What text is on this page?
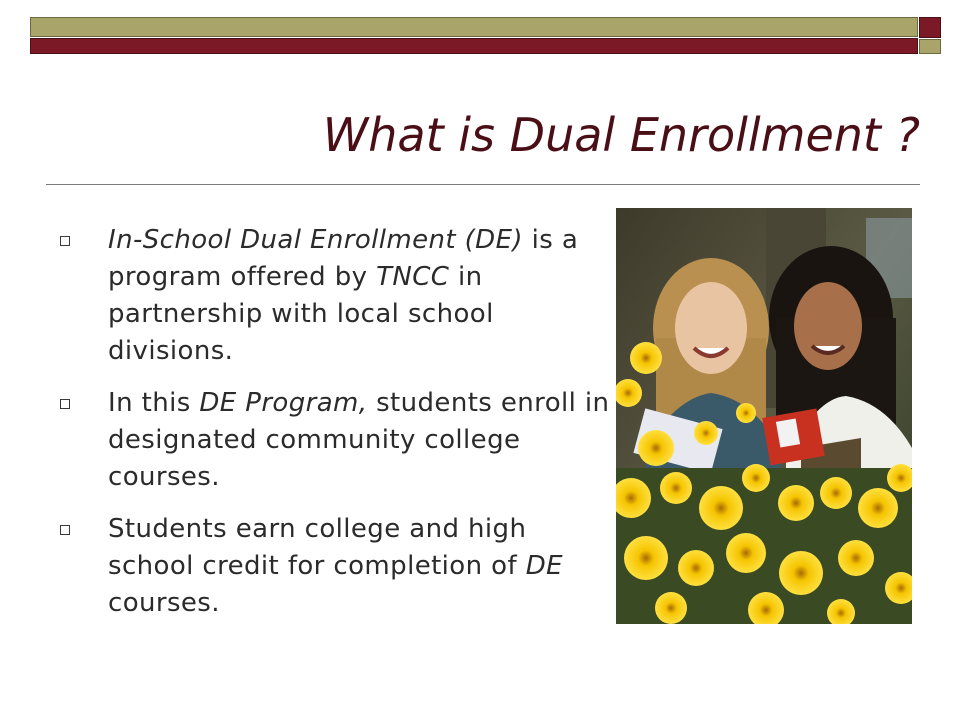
What is Dual Enrollment ?
In-School Dual Enrollment (DE) is a program offered by TNCC in partnership with local school divisions.
In this DE Program, students enroll in designated community college courses.
Students earn college and high school credit for completion of DE courses.
